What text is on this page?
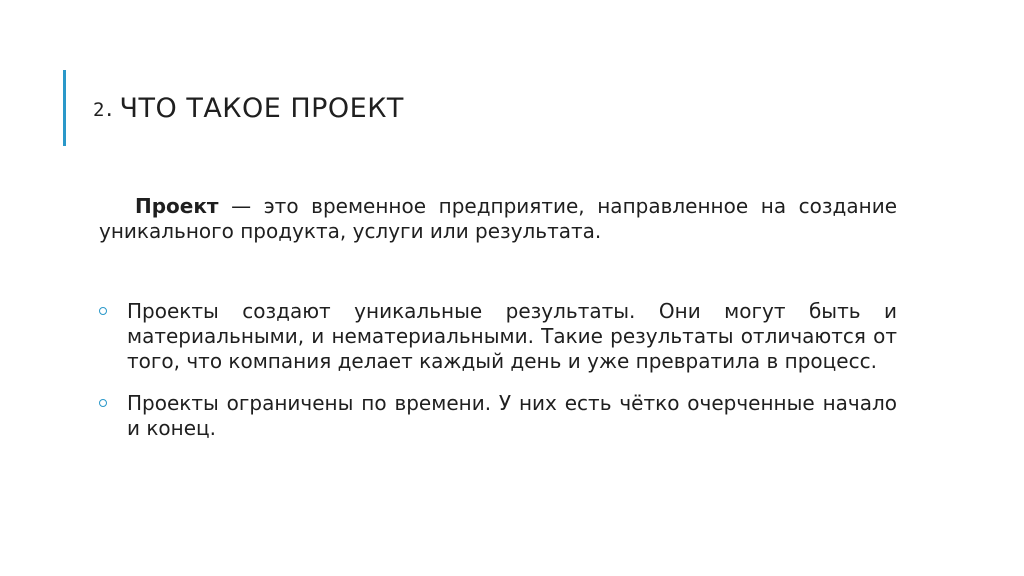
2. ЧТО ТАКОЕ ПРОЕКТ

Проект — это временное предприятие, направленное на создание уникального продукта, услуги или результата.

Проекты создают уникальные результаты. Они могут быть и материальными, и нематериальными. Такие результаты отличаются от того, что компания делает каждый день и уже превратила в процесс.
Проекты ограничены по времени. У них есть чётко очерченные начало и конец.
